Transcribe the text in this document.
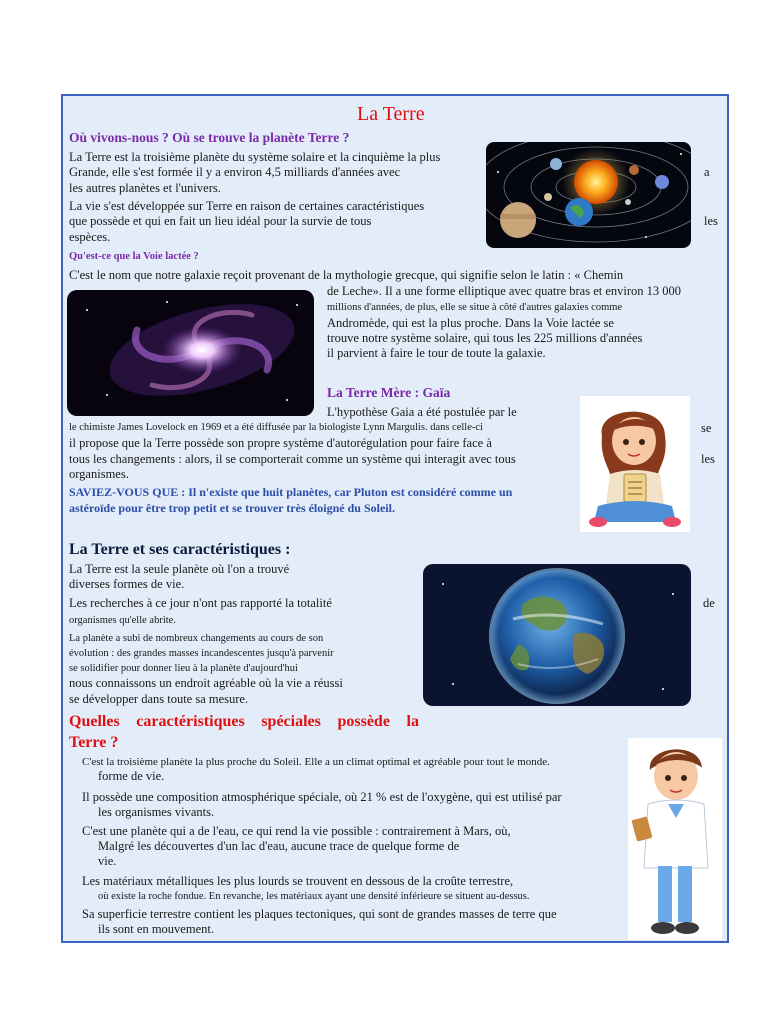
La Terre
Où vivons-nous ? Où se trouve la planète Terre ?
La Terre est la troisième planète du système solaire et la cinquième la plus
Grande, elle s'est formée il y a environ 4,5 milliards d'années avec	a
les autres planètes et l'univers.
La vie s'est développée sur Terre en raison de certaines caractéristiques
que possède et qui en fait un lieu idéal pour la survie de tous	les
espèces.
Qu'est-ce que la Voie lactée ?
C'est le nom que notre galaxie reçoit provenant de la mythologie grecque, qui signifie selon le latin : « Chemin
de Leche». Il a une forme elliptique avec quatre bras et environ 13 000
millions d'années, de plus, elle se situe à côté d'autres galaxies comme
Andromède, qui est la plus proche. Dans la Voie lactée se
trouve notre système solaire, qui tous les 225 millions d'années
il parvient à faire le tour de toute la galaxie.
La Terre Mère : Gaïa
L'hypothèse Gaia a été postulée par le
le chimiste James Lovelock en 1969 et a été diffusée par la biologiste Lynn Margulis. dans celle-ci	se
il propose que la Terre possède son propre système d'autorégulation pour faire face à
tous les changements : alors, il se comporterait comme un système qui interagit avec tous	les
organismes.
SAVIEZ-VOUS QUE : Il n'existe que huit planètes, car Pluton est considéré comme un
astéroïde pour être trop petit et se trouver très éloigné du Soleil.
La Terre et ses caractéristiques :
La Terre est la seule planète où l'on a trouvé
diverses formes de vie.
Les recherches à ce jour n'ont pas rapporté la totalité	de
organismes qu'elle abrite.
La planète a subi de nombreux changements au cours de son
évolution : des grandes masses incandescentes jusqu'à parvenir
se solidifier pour donner lieu à la planète d'aujourd'hui
nous connaissons un endroit agréable où la vie a réussi
se développer dans toute sa mesure.
Quelles caractéristiques spéciales possède la
Terre ?
C'est la troisième planète la plus proche du Soleil. Elle a un climat optimal et agréable pour tout le monde.
forme de vie.
Il possède une composition atmosphérique spéciale, où 21 % est de l'oxygène, qui est utilisé par
les organismes vivants.
C'est une planète qui a de l'eau, ce qui rend la vie possible : contrairement à Mars, où,
Malgré les découvertes d'un lac d'eau, aucune trace de quelque forme de
vie.
Les matériaux métalliques les plus lourds se trouvent en dessous de la croûte terrestre,
où existe la roche fondue. En revanche, les matériaux ayant une densité inférieure se situent au-dessus.
Sa superficie terrestre contient les plaques tectoniques, qui sont de grandes masses de terre que
ils sont en mouvement.
